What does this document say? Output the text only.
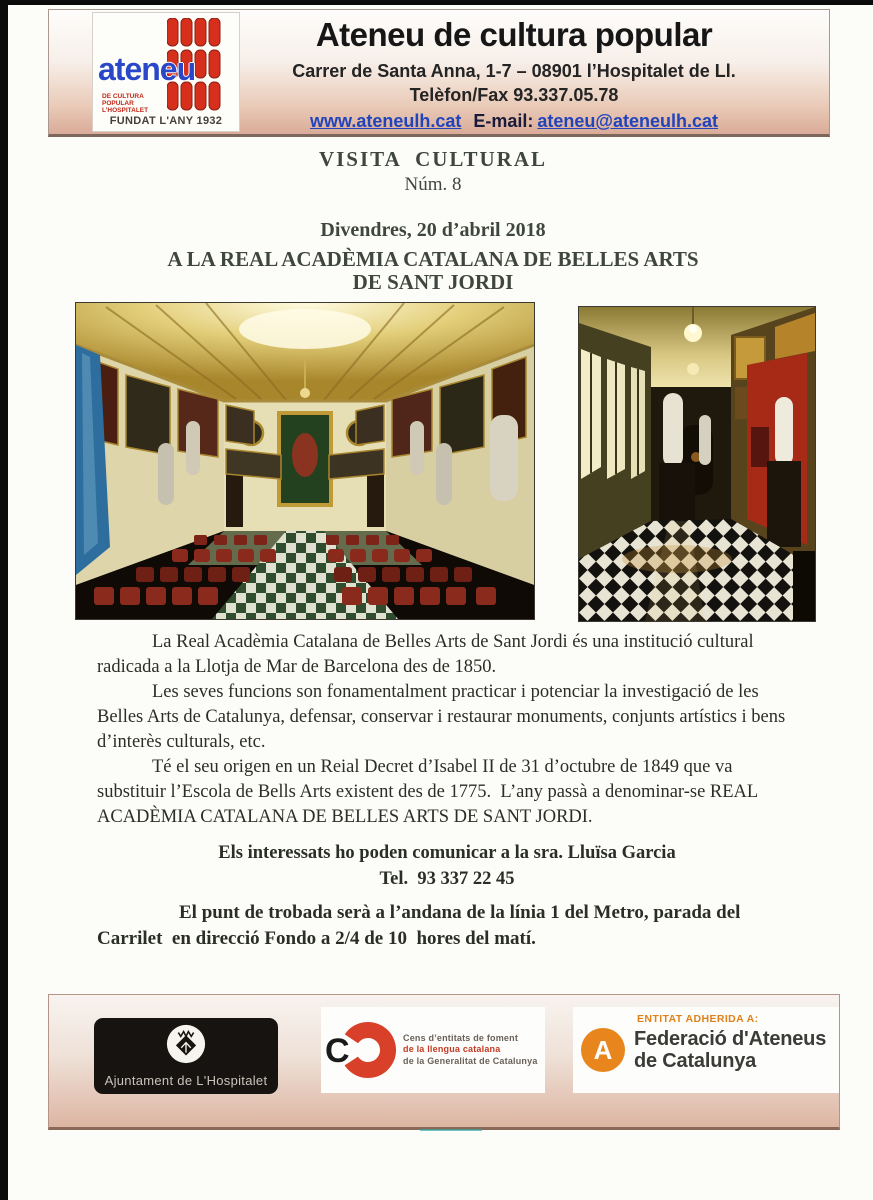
ateneu
DE CULTURA
POPULAR
L’HOSPITALET
FUNDAT L'ANY 1932
Ateneu de cultura popular
Carrer de Santa Anna, 1-7 – 08901 l’Hospitalet de Ll.
Telèfon/Fax 93.337.05.78
www.ateneulh.cat E-mail: ateneu@ateneulh.cat
VISITA  CULTURAL
Núm. 8
Divendres, 20 d’abril 2018
A LA REAL ACADÈMIA CATALANA DE BELLES ARTS
DE SANT JORDI

La Real Acadèmia Catalana de Belles Arts de Sant Jordi és una institució cultural radicada a la Llotja de Mar de Barcelona des de 1850.

Les seves funcions son fonamentalment practicar i potenciar la investigació de les Belles Arts de Catalunya, defensar, conservar i restaurar monuments, conjunts artístics i bens d’interès culturals, etc.

Té el seu origen en un Reial Decret d’Isabel II de 31 d’octubre de 1849 que va substituir l’Escola de Bells Arts existent des de 1775.  L’any passà a denominar-se REAL ACADÈMIA CATALANA DE BELLES ARTS DE SANT JORDI.

Els interessats ho poden comunicar a la sra. Lluïsa Garcia

Tel.  93 337 22 45

El punt de trobada serà a l’andana de la línia 1 del Metro, parada del Carrilet  en direcció Fondo a 2/4 de 10  hores del matí.

Ajuntament de L'Hospitalet
C	Cens d’entitats de foment
de la llengua catalana
de la Generalitat de Catalunya
ENTITAT ADHERIDA A:
A Federació d'Ateneus
de Catalunya
